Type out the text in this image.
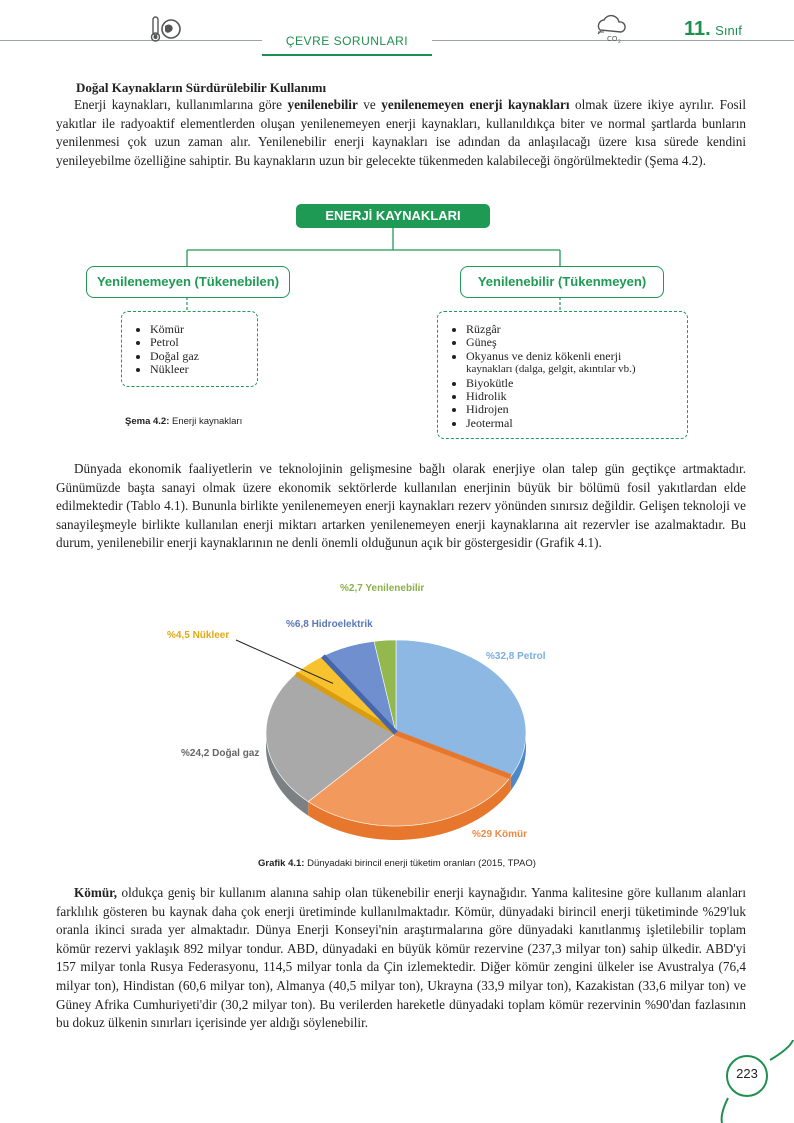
ÇEVRE SORUNLARI	CO 2
11. Sınıf
Doğal Kaynakların Sürdürülebilir Kullanımı

Enerji kaynakları, kullanımlarına göre yenilenebilir ve yenilenemeyen enerji kaynakları olmak üzere ikiye ayrılır. Fosil yakıtlar ile radyoaktif elementlerden oluşan yenilenemeyen enerji kaynakları, kullanıldıkça biter ve normal şartlarda bunların yenilenmesi çok uzun zaman alır. Yenilenebilir enerji kaynakları ise adından da anlaşılacağı üzere kısa sürede kendini yenileyebilme özelliğine sahiptir. Bu kaynakların uzun bir gelecekte tükenmeden kalabileceği öngörülmektedir (Şema 4.2).

ENERJİ KAYNAKLARI
Yenilenemeyen (Tükenebilen)	Yenilenebilir (Tükenmeyen)
• Kömür
• Petrol
• Doğal gaz
• Nükleer
• Rüzgâr
• Güneş
• Okyanus ve deniz kökenli enerji
kaynakları (dalga, gelgit, akıntılar vb.)
• Biyokütle
• Hidrolik
• Hidrojen
• Jeotermal
Şema 4.2: Enerji kaynakları

Dünyada ekonomik faaliyetlerin ve teknolojinin gelişmesine bağlı olarak enerjiye olan talep gün geçtikçe artmaktadır. Günümüzde başta sanayi olmak üzere ekonomik sektörlerde kullanılan enerjinin büyük bir bölümü fosil yakıtlardan elde edilmektedir (Tablo 4.1). Bununla birlikte yenilenemeyen enerji kaynakları rezerv yönünden sınırsız değildir. Gelişen teknoloji ve sanayileşmeyle birlikte kullanılan enerji miktarı artarken yenilenemeyen enerji kaynaklarına ait rezervler ise azalmaktadır. Bu durum, yenilenebilir enerji kaynaklarının ne denli önemli olduğunun açık bir göstergesidir (Grafik 4.1).

%2,7 Yenilenebilir
%6,8 Hidroelektrik
%4,5 Nükleer
%32,8 Petrol
%24,2 Doğal gaz
%29 Kömür
Grafik 4.1: Dünyadaki birincil enerji tüketim oranları (2015, TPAO)

Kömür, oldukça geniş bir kullanım alanına sahip olan tükenebilir enerji kaynağıdır. Yanma kalitesine göre kullanım alanları farklılık gösteren bu kaynak daha çok enerji üretiminde kullanılmaktadır. Kömür, dünyadaki birincil enerji tüketiminde %29'luk oranla ikinci sırada yer almaktadır. Dünya Enerji Konseyi'nin araştırmalarına göre dünyadaki kanıtlanmış işletilebilir toplam kömür rezervi yaklaşık 892 milyar tondur. ABD, dünyadaki en büyük kömür rezervine (237,3 milyar ton) sahip ülkedir. ABD'yi 157 milyar tonla Rusya Federasyonu, 114,5 milyar tonla da Çin izlemektedir. Diğer kömür zengini ülkeler ise Avustralya (76,4 milyar ton), Hindistan (60,6 milyar ton), Almanya (40,5 milyar ton), Ukrayna (33,9 milyar ton), Kazakistan (33,6 milyar ton) ve Güney Afrika Cumhuriyeti'dir (30,2 milyar ton). Bu verilerden hareketle dünyadaki toplam kömür rezervinin %90'dan fazlasının bu dokuz ülkenin sınırları içerisinde yer aldığı söylenebilir.

223
